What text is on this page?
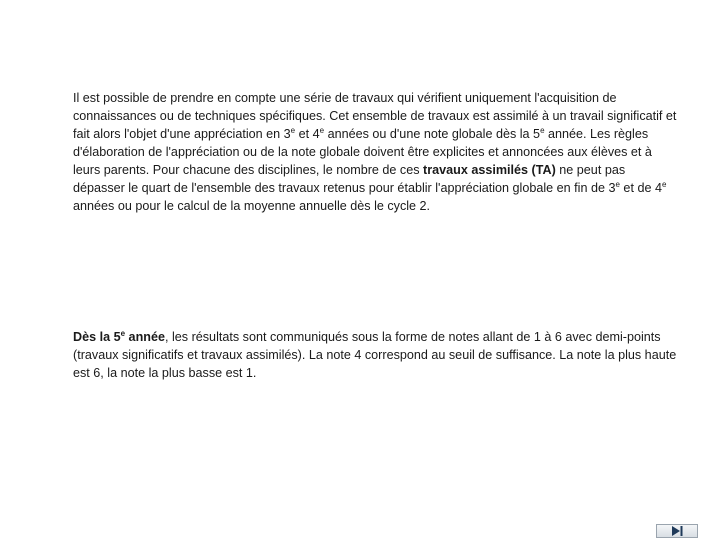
Il est possible de prendre en compte une série de travaux qui vérifient uniquement l'acquisition de connaissances ou de techniques spécifiques. Cet ensemble de travaux est assimilé à un travail significatif et fait alors l'objet d'une appréciation en 3e et 4e années ou d'une note globale dès la 5e année. Les règles d'élaboration de l'appréciation ou de la note globale doivent être explicites et annoncées aux élèves et à leurs parents. Pour chacune des disciplines, le nombre de ces travaux assimilés (TA) ne peut pas dépasser le quart de l'ensemble des travaux retenus pour établir l'appréciation globale en fin de 3e et de 4e années ou pour le calcul de la moyenne annuelle dès le cycle 2.

Dès la 5e année, les résultats sont communiqués sous la forme de notes allant de 1 à 6 avec demi-points (travaux significatifs et travaux assimilés). La note 4 correspond au seuil de suffisance. La note la plus haute est 6, la note la plus basse est 1.
